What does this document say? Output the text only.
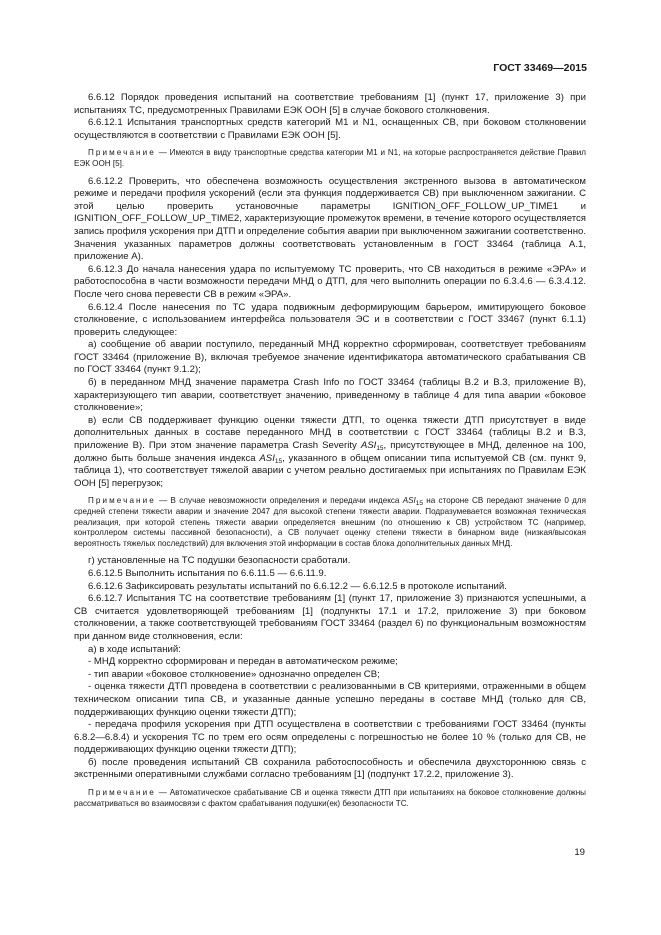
ГОСТ 33469—2015

6.6.12 Порядок проведения испытаний на соответствие требованиям [1] (пункт 17, приложение 3) при испытаниях ТС, предусмотренных Правилами ЕЭК ООН [5] в случае бокового столкновения.

6.6.12.1 Испытания транспортных средств категорий М1 и N1, оснащенных СВ, при боковом столкновении осуществляются в соответствии с Правилами ЕЭК ООН [5].

Примечание — Имеются в виду транспортные средства категории М1 и N1, на которые распространяется действие Правил ЕЭК ООН [5].

6.6.12.2 Проверить, что обеспечена возможность осуществления экстренного вызова в автоматическом режиме и передачи профиля ускорений (если эта функция поддерживается СВ) при выключенном зажигании. С этой целью проверить установочные параметры IGNITION_OFF_FOLLOW_UP_TIME1 и IGNITION_OFF_FOLLOW_UP_TIME2, характеризующие промежуток времени, в течение которого осуществляется запись профиля ускорения при ДТП и определение события аварии при выключенном зажигании соответственно. Значения указанных параметров должны соответствовать установленным в ГОСТ 33464 (таблица А.1, приложение А).

6.6.12.3 До начала нанесения удара по испытуемому ТС проверить, что СВ находиться в режиме «ЭРА» и работоспособна в части возможности передачи МНД о ДТП, для чего выполнить операции по 6.3.4.6 — 6.3.4.12. После чего снова перевести СВ в режим «ЭРА».

6.6.12.4 После нанесения по ТС удара подвижным деформирующим барьером, имитирующего боковое столкновение, с использованием интерфейса пользователя ЭС и в соответствии с ГОСТ 33467 (пункт 6.1.1) проверить следующее:

а) сообщение об аварии поступило, переданный МНД корректно сформирован, соответствует требованиям ГОСТ 33464 (приложение В), включая требуемое значение идентификатора автоматического срабатывания СВ по ГОСТ 33464 (пункт 9.1.2);

б) в переданном МНД значение параметра Crash Info по ГОСТ 33464 (таблицы В.2 и В.3, приложение В), характеризующего тип аварии, соответствует значению, приведенному в таблице 4 для типа аварии «боковое столкновение»;

в) если СВ поддерживает функцию оценки тяжести ДТП, то оценка тяжести ДТП присутствует в виде дополнительных данных в составе переданного МНД в соответствии с ГОСТ 33464 (таблицы В.2 и В.3, приложение В). При этом значение параметра Crash Severity $ASI_{15}$, присутствующее в МНД, деленное на 100, должно быть больше значения индекса $ASI_{15}$, указанного в общем описании типа испытуемой СВ (см. пункт 9, таблица 1), что соответствует тяжелой аварии с учетом реально достигаемых при испытаниях по Правилам ЕЭК ООН [5] перегрузок;

Примечание — В случае невозможности определения и передачи индекса $ASI_{15}$ на стороне СВ передают значение 0 для средней степени тяжести аварии и значение 2047 для высокой степени тяжести аварии. Подразумевается возможная техническая реализация, при которой степень тяжести аварии определяется внешним (по отношению к СВ) устройством ТС (например, контроллером системы пассивной безопасности), а СВ получает оценку степени тяжести в бинарном виде (низкая/высокая вероятность тяжелых последствий) для включения этой информации в состав блока дополнительных данных МНД.

г) установленные на ТС подушки безопасности сработали.

6.6.12.5 Выполнить испытания по 6.6.11.5 — 6.6.11.9.

6.6.12.6 Зафиксировать результаты испытаний по 6.6.12.2 — 6.6.12.5 в протоколе испытаний.

6.6.12.7 Испытания ТС на соответствие требованиям [1] (пункт 17, приложение 3) признаются успешными, а СВ считается удовлетворяющей требованиям [1] (подпункты 17.1 и 17.2, приложение 3) при боковом столкновении, а также соответствующей требованиям ГОСТ 33464 (раздел 6) по функциональным возможностям при данном виде столкновения, если:

а) в ходе испытаний:

- МНД корректно сформирован и передан в автоматическом режиме;

- тип аварии «боковое столкновение» однозначно определен СВ;

- оценка тяжести ДТП проведена в соответствии с реализованными в СВ критериями, отраженными в общем техническом описании типа СВ, и указанные данные успешно переданы в составе МНД (только для СВ, поддерживающих функцию оценки тяжести ДТП);

- передача профиля ускорения при ДТП осуществлена в соответствии с требованиями ГОСТ 33464 (пункты 6.8.2—6.8.4) и ускорения ТС по трем его осям определены с погрешностью не более 10 % (только для СВ, не поддерживающих функцию оценки тяжести ДТП);

б) после проведения испытаний СВ сохранила работоспособность и обеспечила двухстороннюю связь с экстренными оперативными службами согласно требованиям [1] (подпункт 17.2.2, приложение 3).

Примечание — Автоматическое срабатывание СВ и оценка тяжести ДТП при испытаниях на боковое столкновение должны рассматриваться во взаимосвязи с фактом срабатывания подушки(ек) безопасности ТС.

19
